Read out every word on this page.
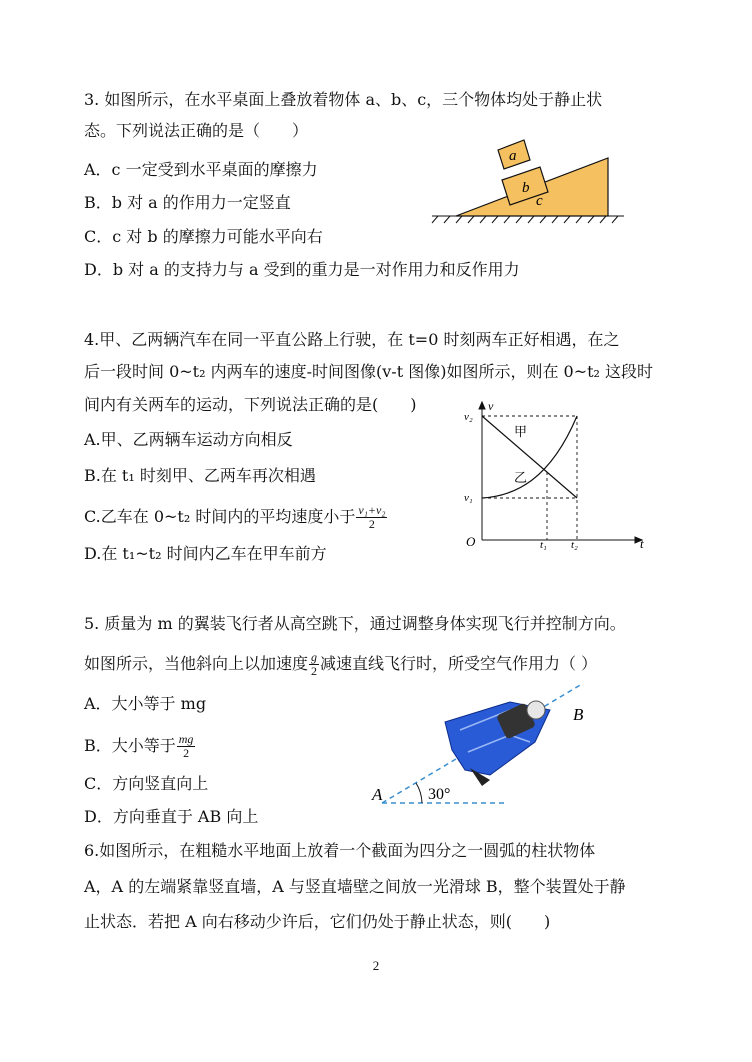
3. 如图所示，在水平桌面上叠放着物体 a、b、c，三个物体均处于静止状
态。下列说法正确的是（　　）
A．c 一定受到水平桌面的摩擦力
B．b 对 a 的作用力一定竖直
C．c 对 b 的摩擦力可能水平向右
D．b 对 a 的支持力与 a 受到的重力是一对作用力和反作用力
a
b
c
4.甲、乙两辆汽车在同一平直公路上行驶，在 t=0 时刻两车正好相遇，在之
后一段时间 0~t₂ 内两车的速度-时间图像(v-t 图像)如图所示，则在 0~t₂ 这段时
间内有关两车的运动，下列说法正确的是(　　)
A.甲、乙两辆车运动方向相反
B.在 t₁ 时刻甲、乙两车再次相遇
C.乙车在 0~t₂ 时间内的平均速度小于 $\frac{\text{v₁+v₂}}{2}$
D.在 t₁~t₂ 时间内乙车在甲车前方
v
t
O
v₂
v₁
t₁ t₂
甲
乙
5. 质量为 m 的翼装飞行者从高空跳下，通过调整身体实现飞行并控制方向。
如图所示，当他斜向上以加速度 $\frac{g}{2}$ 减速直线飞行时，所受空气作用力（ ）
A．大小等于 mg
B．大小等于 $\frac{mg}{2}$
C．方向竖直向上
D．方向垂直于 AB 向上
A
B
30°
6.如图所示，在粗糙水平地面上放着一个截面为四分之一圆弧的柱状物体
A，A 的左端紧靠竖直墙，A 与竖直墙壁之间放一光滑球 B，整个装置处于静
止状态．若把 A 向右移动少许后，它们仍处于静止状态，则(　　)
2
